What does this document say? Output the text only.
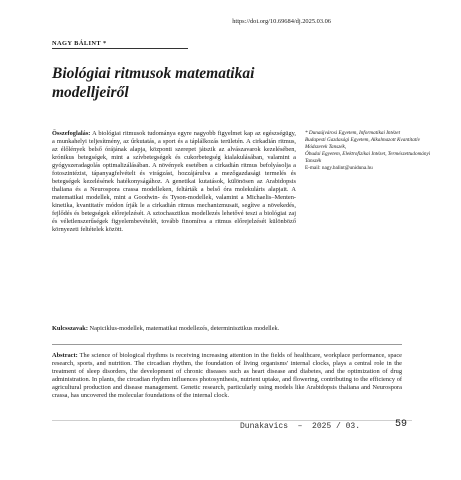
https://doi.org/10.69684/dj.2025.03.06
NAGY BÁLINT *
Biológiai ritmusok matematikai modelljeiről
Összefoglalás: A biológiai ritmusok tudománya egyre nagyobb figyelmet kap az egészségügy, a munkahelyi teljesítmény, az űrkutatás, a sport és a táplálkozás területén. A cirkadián ritmus, az élőlények belső órájának alapja, központi szerepet játszik az alvászavarok kezelésében, krónikus betegségek, mint a szívbetegségek és cukorbetegség kialakulásában, valamint a gyógyszeradagolás optimalizálásában. A növények esetében a cirkadián ritmus befolyásolja a fotoszintézist, tápanyagfelvételt és virágzást, hozzájárulva a mezőgazdasági termelés és betegségek kezelésének hatékonyságához. A genetikai kutatások, különösen az Arabidopsis thaliana és a Neurospora crassa modelleken, feltárták a belső óra molekuláris alapjait. A matematikai modellek, mint a Goodwin- és Tyson-modellek, valamint a Michaelis–Menten-kinetika, kvantitatív módon írják le a cirkadián ritmus mechanizmusait, segítve a növekedés, fejlődés és betegségek előrejelzését. A sztochasztikus modellezés lehetővé teszi a biológiai zaj és véletlenszerűségek figyelembevételét, tovább finomítva a ritmus előrejelzését különböző környezeti feltételek között.
Kulcsszavak: Napiciklus-modellek, matematikai modellezés, determinisztikus modellek.
* Dunaújvárosi Egyetem, Informatikai Intézet
Budapesti Gazdasági Egyetem, Alkalmazott Kvantitatív Módszerek Tanszék,
Óbudai Egyetem, Elektrofizikai Intézet, Természettudományi Tanszék
E-mail: nagy.balint@uniduna.hu
Abstract: The science of biological rhythms is receiving increasing attention in the fields of healthcare, workplace performance, space research, sports, and nutrition. The circadian rhythm, the foundation of living organisms' internal clocks, plays a central role in the treatment of sleep disorders, the development of chronic diseases such as heart disease and diabetes, and the optimization of drug administration. In plants, the circadian rhythm influences photosynthesis, nutrient uptake, and flowering, contributing to the efficiency of agricultural production and disease management. Genetic research, particularly using models like Arabidopsis thaliana and Neurospora crassa, has uncovered the molecular foundations of the internal clock.
Dunakavics  –  2025 / 03.	59
